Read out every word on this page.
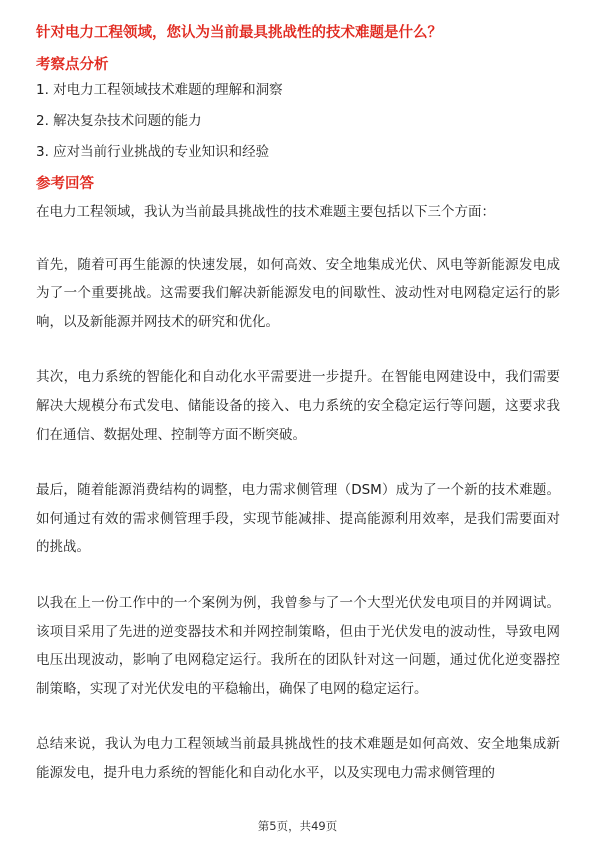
针对电力工程领域，您认为当前最具挑战性的技术难题是什么？
考察点分析
1. 对电力工程领域技术难题的理解和洞察
2. 解决复杂技术问题的能力
3. 应对当前行业挑战的专业知识和经验
参考回答

在电力工程领域，我认为当前最具挑战性的技术难题主要包括以下三个方面：

首先，随着可再生能源的快速发展，如何高效、安全地集成光伏、风电等新能源发电成为了一个重要挑战。这需要我们解决新能源发电的间歇性、波动性对电网稳定运行的影响，以及新能源并网技术的研究和优化。

其次，电力系统的智能化和自动化水平需要进一步提升。在智能电网建设中，我们需要解决大规模分布式发电、储能设备的接入、电力系统的安全稳定运行等问题，这要求我们在通信、数据处理、控制等方面不断突破。

最后，随着能源消费结构的调整，电力需求侧管理（DSM）成为了一个新的技术难题。如何通过有效的需求侧管理手段，实现节能减排、提高能源利用效率，是我们需要面对的挑战。

以我在上一份工作中的一个案例为例，我曾参与了一个大型光伏发电项目的并网调试。该项目采用了先进的逆变器技术和并网控制策略，但由于光伏发电的波动性，导致电网电压出现波动，影响了电网稳定运行。我所在的团队针对这一问题，通过优化逆变器控制策略，实现了对光伏发电的平稳输出，确保了电网的稳定运行。

总结来说，我认为电力工程领域当前最具挑战性的技术难题是如何高效、安全地集成新能源发电，提升电力系统的智能化和自动化水平，以及实现电力需求侧管理的

第5页，共49页
